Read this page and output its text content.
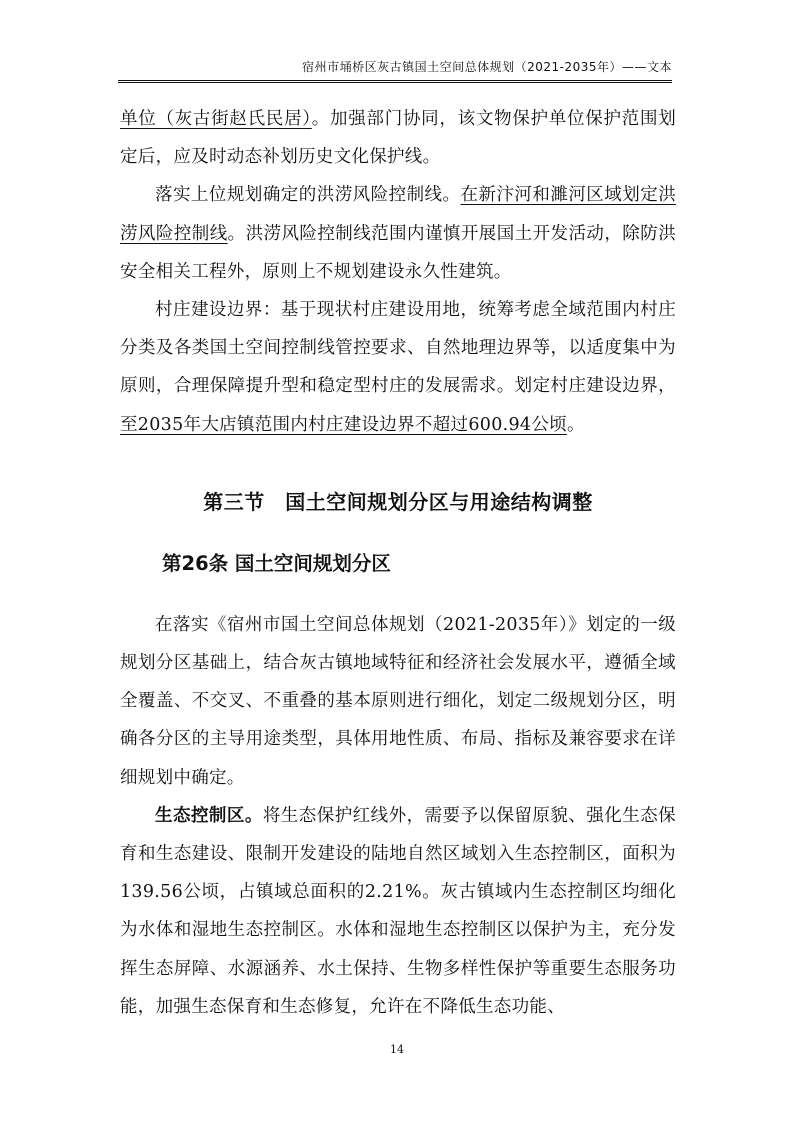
宿州市埇桥区灰古镇国土空间总体规划（2021-2035年）——文本

单位（灰古街赵氏民居）。加强部门协同，该文物保护单位保护范围划定后，应及时动态补划历史文化保护线。

落实上位规划确定的洪涝风险控制线。在新汴河和濉河区域划定洪涝风险控制线。洪涝风险控制线范围内谨慎开展国土开发活动，除防洪安全相关工程外，原则上不规划建设永久性建筑。

村庄建设边界：基于现状村庄建设用地，统筹考虑全域范围内村庄分类及各类国土空间控制线管控要求、自然地理边界等，以适度集中为原则，合理保障提升型和稳定型村庄的发展需求。划定村庄建设边界，至2035年大店镇范围内村庄建设边界不超过600.94公顷。

第三节　国土空间规划分区与用途结构调整
第26条 国土空间规划分区

在落实《宿州市国土空间总体规划（2021-2035年）》划定的一级规划分区基础上，结合灰古镇地域特征和经济社会发展水平，遵循全域全覆盖、不交叉、不重叠的基本原则进行细化，划定二级规划分区，明确各分区的主导用途类型，具体用地性质、布局、指标及兼容要求在详细规划中确定。

生态控制区。将生态保护红线外，需要予以保留原貌、强化生态保育和生态建设、限制开发建设的陆地自然区域划入生态控制区，面积为139.56公顷，占镇域总面积的2.21%。灰古镇域内生态控制区均细化为水体和湿地生态控制区。水体和湿地生态控制区以保护为主，充分发挥生态屏障、水源涵养、水土保持、生物多样性保护等重要生态服务功能，加强生态保育和生态修复，允许在不降低生态功能、

14
